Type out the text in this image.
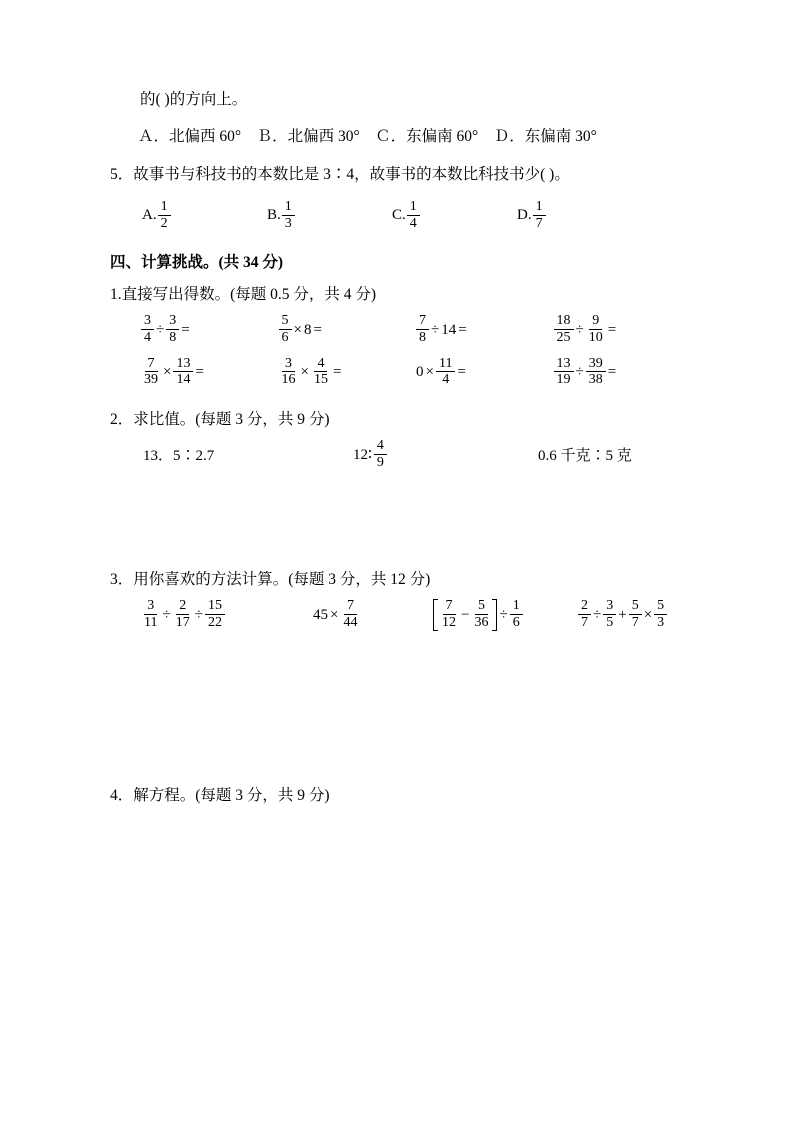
的( )的方向上。
Ａ．北偏西 60°　Ｂ．北偏西 30°　Ｃ．东偏南 60°　Ｄ．东偏南 30°
5．故事书与科技书的本数比是 3∶4，故事书的本数比科技书少( )。
A. $\frac{1}{2}$	B. $\frac{1}{3}$	C. $\frac{1}{4}$	D. $\frac{1}{7}$
四、计算挑战。(共 34 分)
1.直接写出得数。(每题 0.5 分，共 4 分)
$\frac{3}{4} \div \frac{3}{8}$ =	$\frac{5}{6} \times 8$ =	$\frac{7}{8} \div 14$ =	$\frac{18}{25} \div \frac{9}{10}$ =
$\frac{7}{39} \times \frac{13}{14}$ =	$\frac{3}{16} \times \frac{4}{15}$ =	$0 \times \frac{11}{4}$ =	$\frac{13}{19} \div \frac{39}{38}$ =
2．求比值。(每题 3 分，共 9 分)
13．5∶2.7	12∶ $\frac{4}{9}$	0.6 千克∶5 克
3．用你喜欢的方法计算。(每题 3 分，共 12 分)
$\frac{3}{11} \div \frac{2}{17} \div \frac{15}{22}$	$45 \times \frac{7}{44}$	$\frac{7}{12} - \frac{5}{36} \div \frac{1}{6}$	$\frac{2}{7} \div \frac{3}{5} + \frac{5}{7} \times \frac{5}{3}$
4．解方程。(每题 3 分，共 9 分)
